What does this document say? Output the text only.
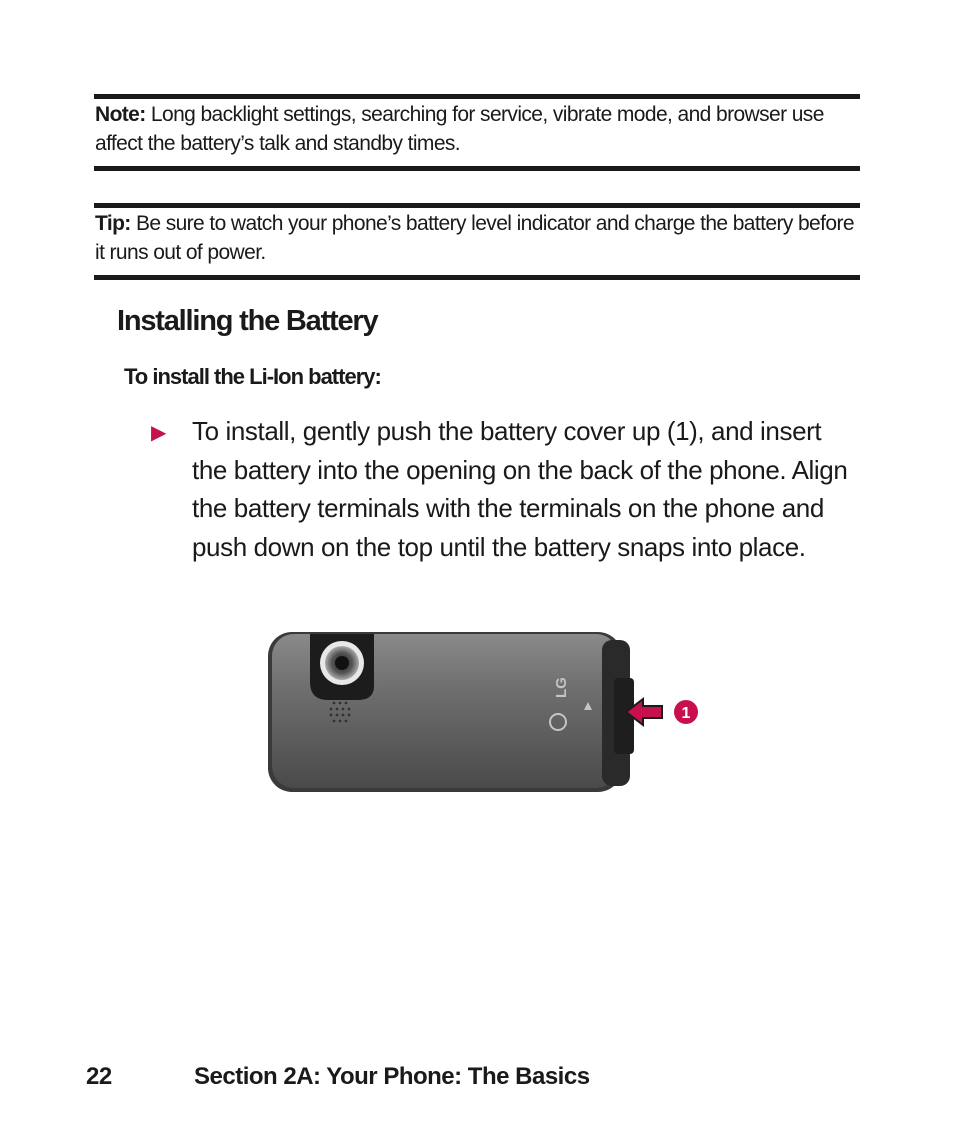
Note: Long backlight settings, searching for service, vibrate mode, and browser use affect the battery’s talk and standby times.
Tip: Be sure to watch your phone’s battery level indicator and charge the battery before it runs out of power.
Installing the Battery
To install the Li-Ion battery:
▶ To install, gently push the battery cover up (1), and insert the battery into the opening on the back of the phone. Align the battery terminals with the terminals on the phone and push down on the top until the battery snaps into place.
LG
1
22	Section 2A: Your Phone: The Basics
